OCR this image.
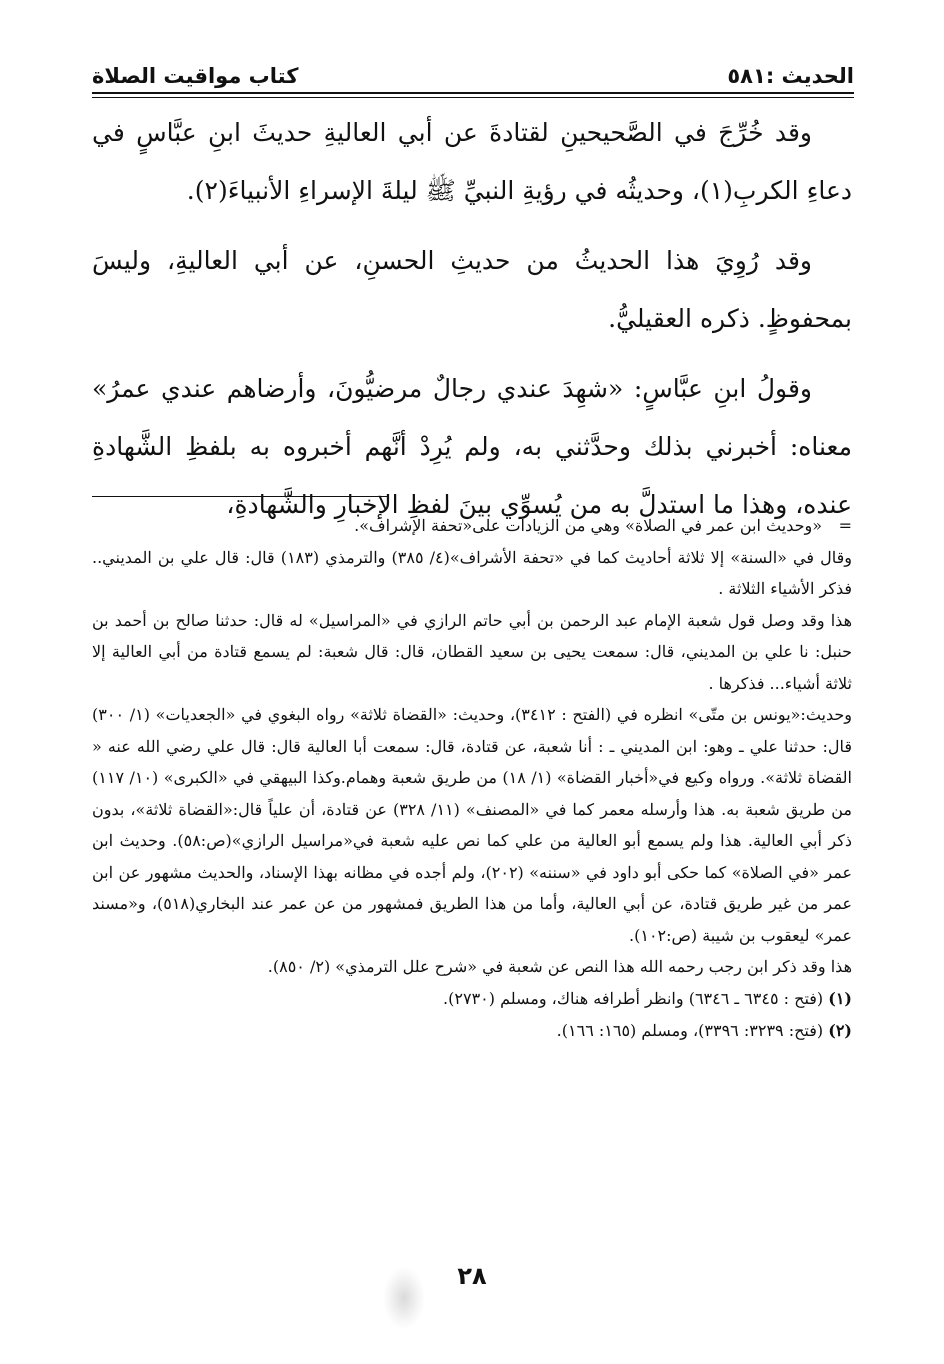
كتاب مواقيت الصلاة	الحديث :٥٨١

وقد خُرِّجَ في الصَّحيحينِ لقتادةَ عن أبي العاليةِ حديثَ ابنِ عبَّاسٍ في دعاءِ الكربِ(١)، وحديثُه في رؤيةِ النبيِّ ﷺ ليلةَ الإسراءِ الأنبياءَ(٢).

وقد رُوِيَ هذا الحديثُ من حديثِ الحسنِ، عن أبي العاليةِ، وليسَ بمحفوظٍ. ذكره العقيليُّ.

وقولُ ابنِ عبَّاسٍ: «شهِدَ عندي رجالٌ مرضيُّونَ، وأرضاهم عندي عمرُ» معناه: أخبرني بذلك وحدَّثني به، ولم يُرِدْ أنَّهم أخبروه به بلفظِ الشَّهادةِ عنده، وهذا ما استدلَّ به من يُسوِّي بينَ لفظِ الإخبارِ والشَّهادةِ،

=
«وحديث ابن عمر في الصلاة» وهي من الزيادات على«تحفة الإشراف».

وقال في «السنة» إلا ثلاثة أحاديث كما في «تحفة الأشراف»(٤/ ٣٨٥) والترمذي (١٨٣) قال: قال علي بن المديني.. فذكر الأشياء الثلاثة .

هذا وقد وصل قول شعبة الإمام عبد الرحمن بن أبي حاتم الرازي في «المراسيل» له قال: حدثنا صالح بن أحمد بن حنبل: نا علي بن المديني، قال: سمعت يحيى بن سعيد القطان، قال: قال شعبة: لم يسمع قتادة من أبي العالية إلا ثلاثة أشياء... فذكرها .

وحديث:«يونس بن متّى» انظره في (الفتح : ٣٤١٢)، وحديث: «القضاة ثلاثة» رواه البغوي في «الجعديات» (١/ ٣٠٠) قال: حدثنا علي ـ وهو: ابن المديني ـ : أنا شعبة، عن قتادة، قال: سمعت أبا العالية قال: قال علي رضي الله عنه « القضاة ثلاثة». ورواه وكيع في«أخبار القضاة» (١/ ١٨) من طريق شعبة وهمام.وكذا البيهقي في «الكبرى» (١٠/ ١١٧) من طريق شعبة به. هذا وأرسله معمر كما في «المصنف» (١١/ ٣٢٨) عن قتادة، أن علياً قال:«القضاة ثلاثة»، بدون ذكر أبي العالية. هذا ولم يسمع أبو العالية من علي كما نص عليه شعبة في«مراسيل الرازي»(ص:٥٨). وحديث ابن عمر «في الصلاة» كما حكى أبو داود في «سننه» (٢٠٢)، ولم أجده في مظانه بهذا الإسناد، والحديث مشهور عن ابن عمر من غير طريق قتادة، عن أبي العالية، وأما من هذا الطريق فمشهور من عن عمر عند البخاري(٥١٨)، و«مسند عمر» ليعقوب بن شيبة (ص:١٠٢).

هذا وقد ذكر ابن رجب رحمه الله هذا النص عن شعبة في «شرح علل الترمذي» (٢/ ٨٥٠).

(١) (فتح : ٦٣٤٥ ـ ٦٣٤٦) وانظر أطرافه هناك، ومسلم (٢٧٣٠).

(٢) (فتح: ٣٢٣٩: ٣٣٩٦)، ومسلم (١٦٥: ١٦٦).

٢٨
